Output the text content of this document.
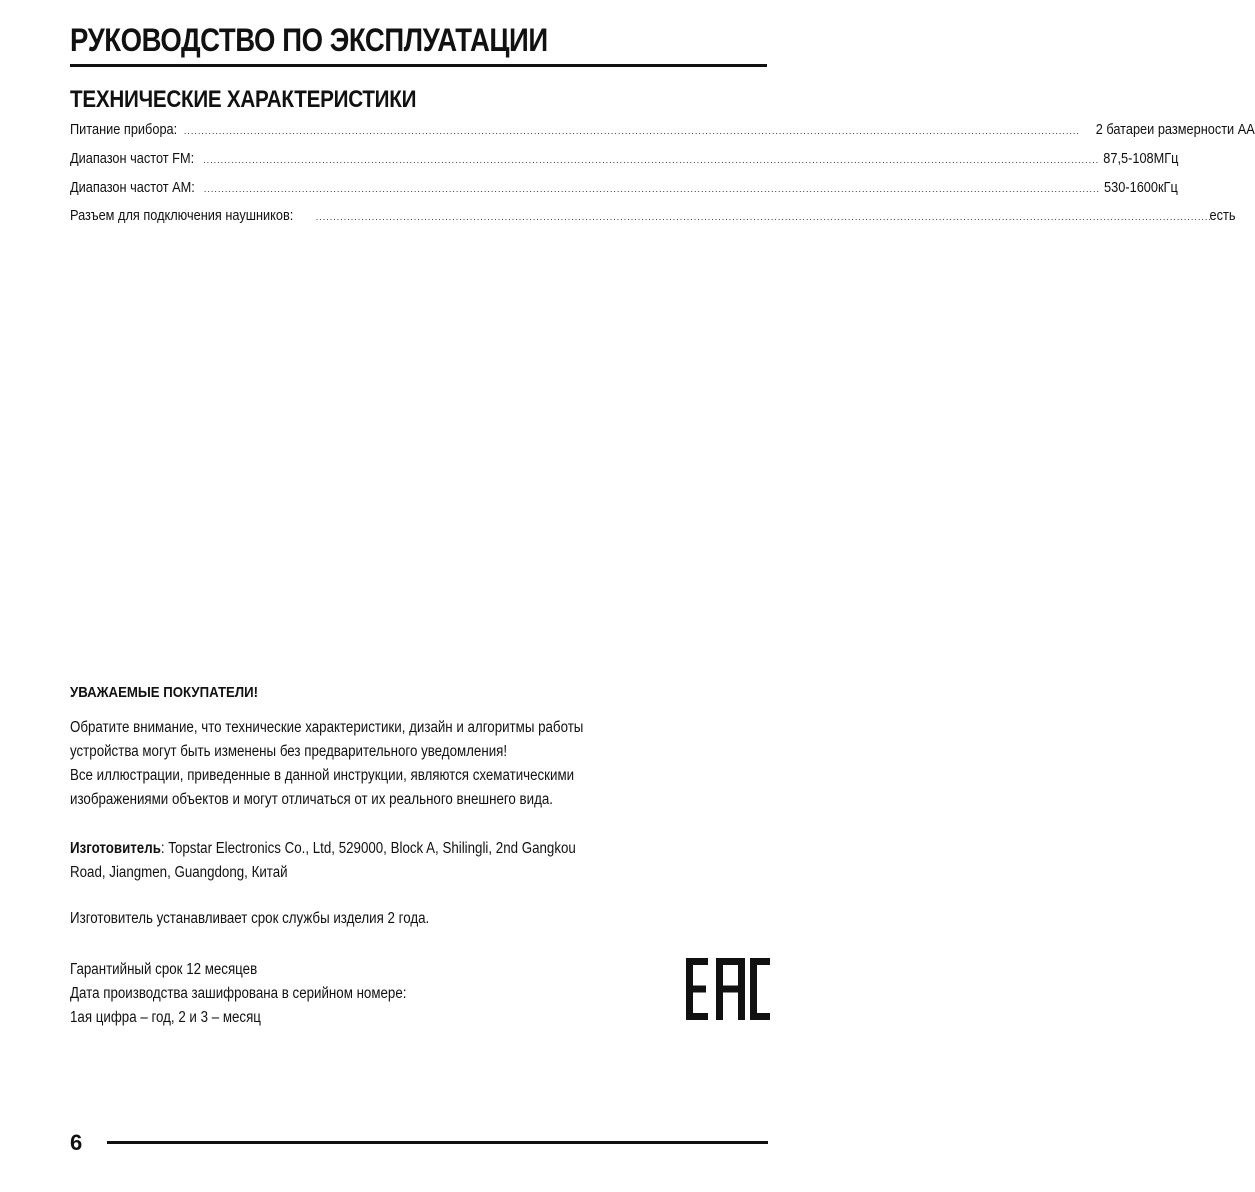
РУКОВОДСТВО ПО ЭКСПЛУАТАЦИИ
ТЕХНИЧЕСКИЕ ХАРАКТЕРИСТИКИ
Питание прибора: ................................................................................................................................................................................................................................................................ 2 батареи размерности АА
Диапазон частот FM: ................................................................................................................................................................................................................................................................ 87,5-108МГц
Диапазон частот AM: ................................................................................................................................................................................................................................................................ 530-1600кГц
Разъем для подключения наушников: ................................................................................................................................................................................................................................................................
есть
УВАЖАЕМЫЕ ПОКУПАТЕЛИ!
Обратите внимание, что технические характеристики, дизайн и алгоритмы работы
устройства могут быть изменены без предварительного уведомления!
Все иллюстрации, приведенные в данной инструкции, являются схематическими
изображениями объектов и могут отличаться от их реального внешнего вида.
Изготовитель: Topstar Electronics Co., Ltd, 529000, Block A, Shilingli, 2nd Gangkou
Road, Jiangmen, Guangdong, Китай
Изготовитель устанавливает срок службы изделия 2 года.
Гарантийный срок 12 месяцев
Дата производства зашифрована в серийном номере:
1ая цифра – год, 2 и 3 – месяц
6
